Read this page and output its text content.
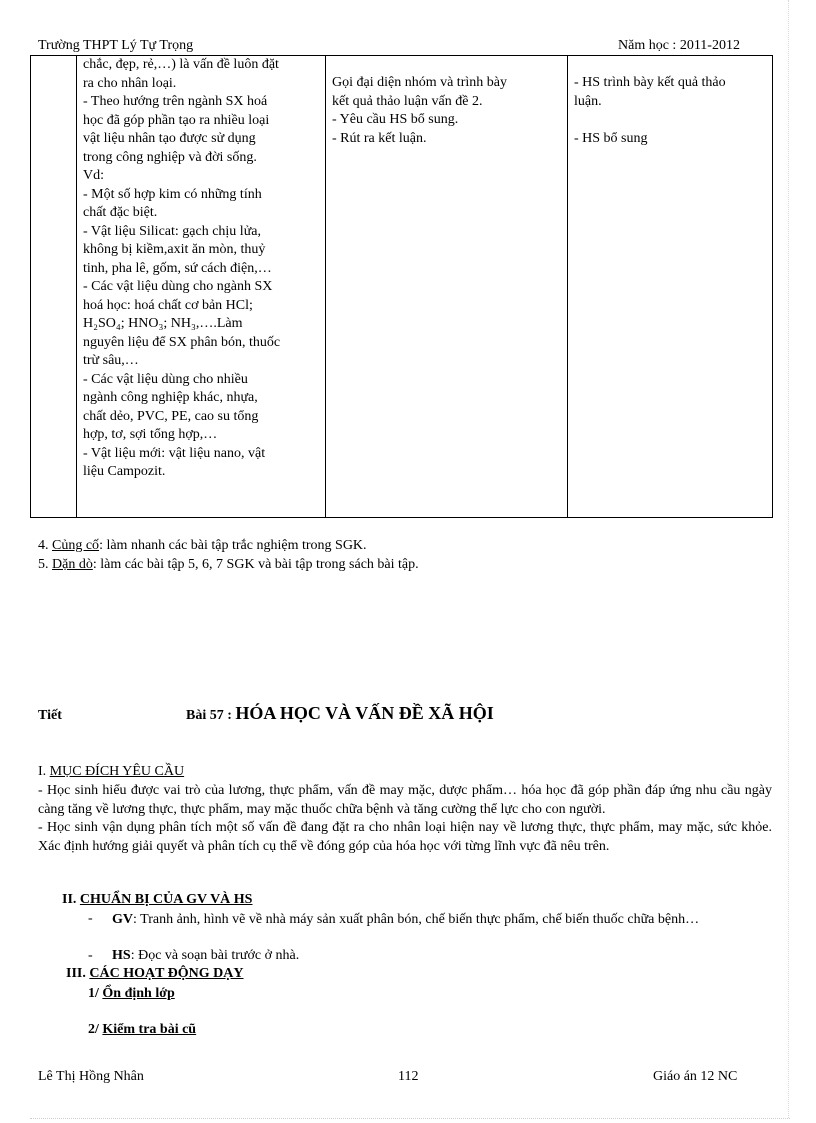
Trường THPT Lý Tự Trọng	Năm học : 2011-2012

chắc, đẹp, rẻ,…) là vấn đề luôn đặt
ra cho nhân loại.
- Theo hướng trên ngành SX hoá
học đã góp phần tạo ra nhiều loại
vật liệu nhân tạo được sử dụng
trong công nghiệp và đời sống.
Vd:
- Một số hợp kim có những tính
chất đặc biệt.
- Vật liệu Silicat: gạch chịu lửa,
không bị kiềm,axit ăn mòn, thuỷ
tinh, pha lê, gốm, sứ cách điện,…
- Các vật liệu dùng cho ngành SX
hoá học: hoá chất cơ bản HCl;
H₂SO₄; HNO₃; NH₃,….Làm
nguyên liệu để SX phân bón, thuốc
trừ sâu,…
- Các vật liệu dùng cho nhiều
ngành công nghiệp khác, nhựa,
chất dẻo, PVC, PE, cao su tổng
hợp, tơ, sợi tổng hợp,…
- Vật liệu mới: vật liệu nano, vật
liệu Campozit.

Gọi đại diện nhóm và trình bày
kết quả thảo luận vấn đề 2.
- Yêu cầu HS bổ sung.
- Rút ra kết luận.

- HS trình bày kết quả thảo
luận.
- HS bổ sung
4. Củng cố: làm nhanh các bài tập trắc nghiệm trong SGK.
5. Dặn dò: làm các bài tập 5, 6, 7 SGK và bài tập trong sách bài tập.
Tiết	Bài 57 : HÓA HỌC VÀ VẤN ĐỀ XÃ HỘI
I. MỤC ĐÍCH YÊU CẦU

- Học sinh hiểu được vai trò của lương, thực phẩm, vấn đề may mặc, dược phẩm… hóa học đã góp phần đáp ứng nhu cầu ngày càng tăng về lương thực, thực phẩm, may mặc thuốc chữa bệnh và tăng cường thể lực cho con người.

- Học sinh vận dụng phân tích một số vấn đề đang đặt ra cho nhân loại hiện nay về lương thực, thực phẩm, may mặc, sức khỏe. Xác định hướng giải quyết và phân tích cụ thể về đóng góp của hóa học với từng lĩnh vực đã nêu trên.

II. CHUẨN BỊ CỦA GV VÀ HS
- GV: Tranh ảnh, hình vẽ về nhà máy sản xuất phân bón, chế biến thực phẩm, chế biến thuốc chữa bệnh…
- HS: Đọc và soạn bài trước ở nhà.
III. CÁC HOẠT ĐỘNG DẠY
1/ Ổn định lớp
2/ Kiểm tra bài cũ
Lê Thị Hồng Nhân	112	Giáo án 12 NC
